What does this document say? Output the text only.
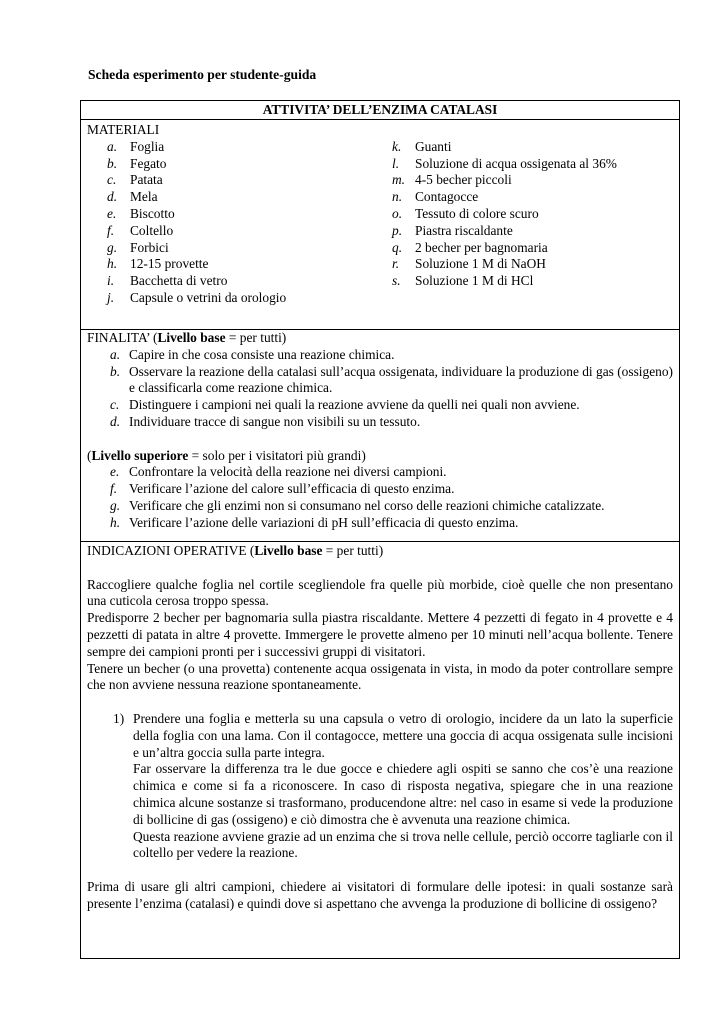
Scheda esperimento per studente-guida
ATTIVITA’ DELL’ENZIMA CATALASI
MATERIALI
a. Foglia
b. Fegato
c. Patata
d. Mela
e. Biscotto
f. Coltello
g. Forbici
h. 12-15 provette
i. Bacchetta di vetro
j. Capsule o vetrini da orologio
k. Guanti
l. Soluzione di acqua ossigenata al 36%
m. 4-5 becher piccoli
n. Contagocce
o. Tessuto di colore scuro
p. Piastra riscaldante
q. 2 becher per bagnomaria
r. Soluzione 1 M di NaOH
s. Soluzione 1 M di HCl
FINALITA’ (Livello base = per tutti)
a. Capire in che cosa consiste una reazione chimica.
b. Osservare la reazione della catalasi sull’acqua ossigenata, individuare la produzione di gas (ossigeno) e classificarla come reazione chimica.
c. Distinguere i campioni nei quali la reazione avviene da quelli nei quali non avviene.
d. Individuare tracce di sangue non visibili su un tessuto.
(Livello superiore = solo per i visitatori più grandi)
e. Confrontare la velocità della reazione nei diversi campioni.
f. Verificare l’azione del calore sull’efficacia di questo enzima.
g. Verificare che gli enzimi non si consumano nel corso delle reazioni chimiche catalizzate.
h. Verificare l’azione delle variazioni di pH sull’efficacia di questo enzima.
INDICAZIONI OPERATIVE (Livello base = per tutti)

Raccogliere qualche foglia nel cortile scegliendole fra quelle più morbide, cioè quelle che non presentano una cuticola cerosa troppo spessa.

Predisporre 2 becher per bagnomaria sulla piastra riscaldante. Mettere 4 pezzetti di fegato in 4 provette e 4 pezzetti di patata in altre 4 provette. Immergere le provette almeno per 10 minuti nell’acqua bollente. Tenere sempre dei campioni pronti per i successivi gruppi di visitatori.

Tenere un becher (o una provetta) contenente acqua ossigenata in vista, in modo da poter controllare sempre che non avviene nessuna reazione spontaneamente.

1) Prendere una foglia e metterla su una capsula o vetro di orologio, incidere da un lato la superficie della foglia con una lama. Con il contagocce, mettere una goccia di acqua ossigenata sulle incisioni e un’altra goccia sulla parte integra.

Far osservare la differenza tra le due gocce e chiedere agli ospiti se sanno che cos’è una reazione chimica e come si fa a riconoscere. In caso di risposta negativa, spiegare che in una reazione chimica alcune sostanze si trasformano, producendone altre: nel caso in esame si vede la produzione di bollicine di gas (ossigeno) e ciò dimostra che è avvenuta una reazione chimica.

Questa reazione avviene grazie ad un enzima che si trova nelle cellule, perciò occorre tagliarle con il coltello per vedere la reazione.

Prima di usare gli altri campioni, chiedere ai visitatori di formulare delle ipotesi: in quali sostanze sarà presente l’enzima (catalasi) e quindi dove si aspettano che avvenga la produzione di bollicine di ossigeno?
